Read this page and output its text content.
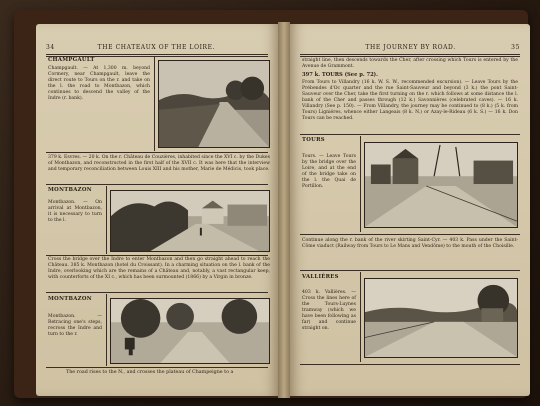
34	THE CHATEAUX OF THE LOIRE.
CHAMPGAULT
Champgault. — At 1,300 m. beyond Cormery, near Champgault, leave the direct route to Tours on the r. and take on the l. the road to Montbazon, which continues to descend the valley of the Indre (r. bank).
379 k. Esvres. — 20 k. On the r. Château de Couzières, inhabited since the XVI c. by the Dukes of Montbazon, and reconstructed in the first half of the XVII c. It was here that the interview and temporary reconciliation between Louis XIII and his mother, Marie de Médicis, took place.
MONTBAZON
Montbazon. — On arrival at Montbazon, it is necessary to turn to the l.
Cross the bridge over the Indre to enter Montbazon and then go straight ahead to reach the Château. 385 k. Montbazon (hotel du Croissant). In a charming situation on the l. bank of the Indre, overlooking which are the remains of a Château and, notably, a vast rectangular keep, with counterforts of the XI c., which has been surmounted (1866) by a Virgin in bronze.
MONTBAZON
Montbazon. — Retracing one's steps, recross the Indre and turn to the r.
The road rises to the N., and crosses the plateau of Champeigne to a
THE JOURNEY BY ROAD.	35
straight line, then descends towards the Cher, after crossing which Tours is entered by the Avenue de Grammont.
397 k. TOURS (See p. 72).
From Tours to Villandry (16 k. W. S. W., recommended excursion). — Leave Tours by the Prébendes d'Oc quarter and the rue Saint-Sauveur and beyond (3 k.) the pont Saint-Sauveur over the Cher, take the first turning on the r. which follows at some distance the l. bank of the Cher and passes through (12 k.) Savonnières (celebrated caves). — 16 k. Villandry (See p. 150). — From Villandry, the journey may be continued to (8 k.) (5 k. from Tours) Ligniéres, whence either Langeais (8 k. N.) or Azay-le-Rideau (6 k. S.) — 16 k. Don Tours can be reached.
TOURS
Tours. — Leave Tours by the bridge over the Loire, and at the end of the bridge take on the l. the Quai de Portillon.
Continue along the r. bank of the river skirting Saint-Cyr. — 403 k. Pass under the Saint-Côme viaduct (Railway from Tours to Le Mans and Vendôme) to the mouth of the Choisille.
VALLIÈRES
403 k. Vallières. — Cross the lines here of the Tours-Luynes tramway (which we have been following as far) and continue straight on.
